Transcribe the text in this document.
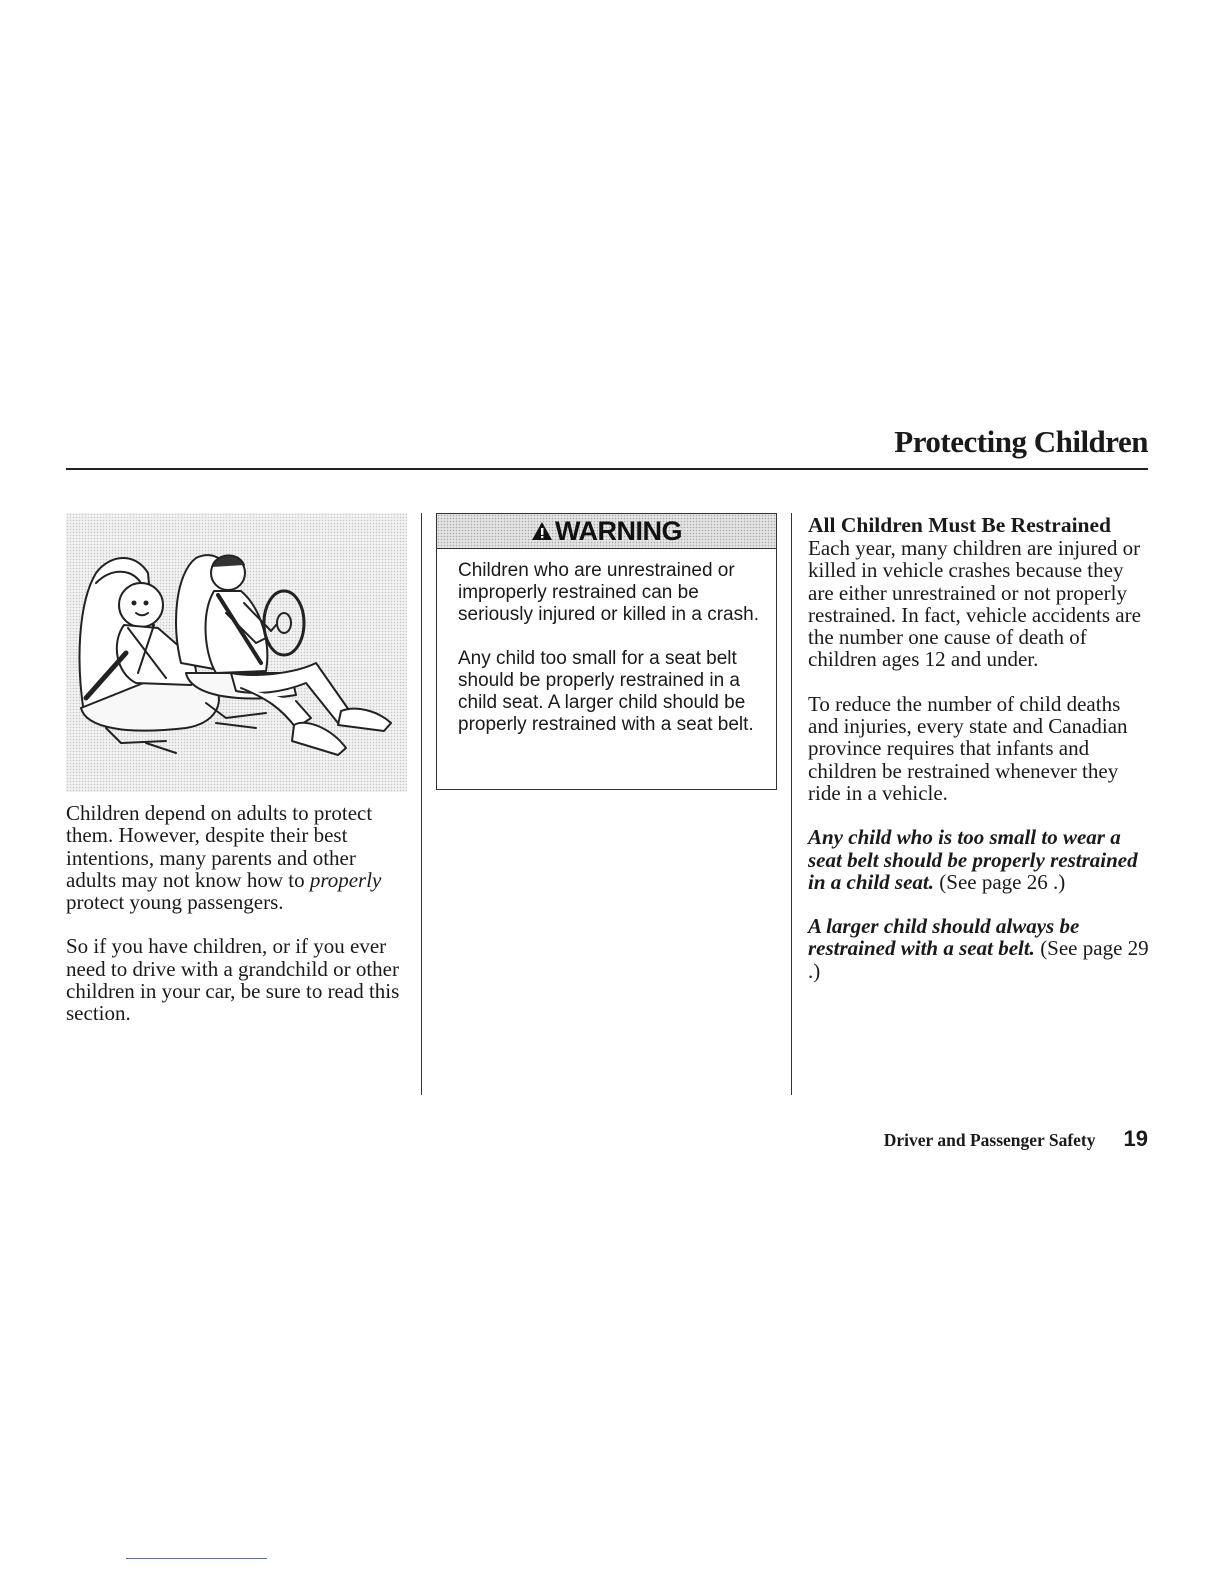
Protecting Children

Children depend on adults to protect them. However, despite their best intentions, many parents and other adults may not know how to properly protect young passengers.

So if you have children, or if you ever need to drive with a grandchild or other children in your car, be sure to read this section.

WARNING

Children who are unrestrained or improperly restrained can be seriously injured or killed in a crash.

Any child too small for a seat belt should be properly restrained in a child seat. A larger child should be properly restrained with a seat belt.

All Children Must Be Restrained

Each year, many children are injured or killed in vehicle crashes because they are either unrestrained or not properly restrained. In fact, vehicle accidents are the number one cause of death of children ages 12 and under.

To reduce the number of child deaths and injuries, every state and Canadian province requires that infants and children be restrained whenever they ride in a vehicle.

Any child who is too small to wear a seat belt should be properly restrained in a child seat. (See page 26 .)

A larger child should always be restrained with a seat belt. (See page 29 .)

Driver and Passenger Safety 19
